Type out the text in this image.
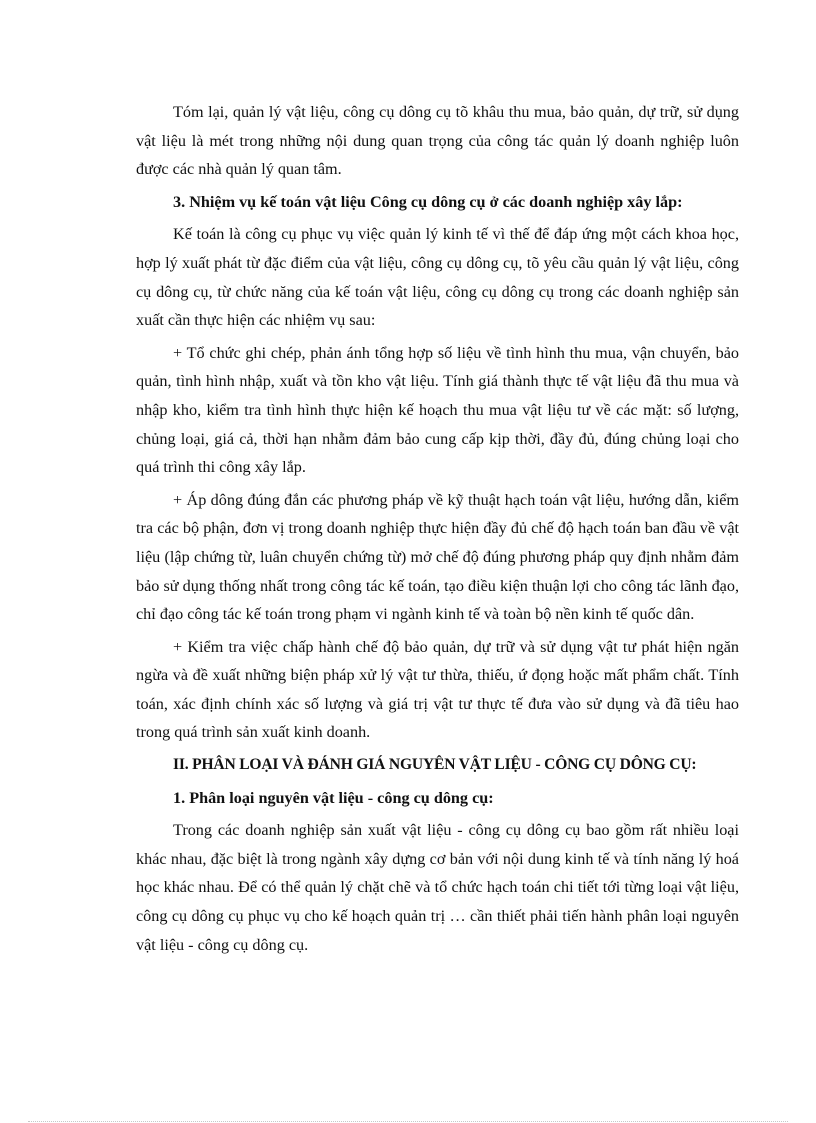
Tóm lại, quản lý vật liệu, công cụ dông cụ tõ khâu thu mua, bảo quản, dự trữ, sử dụng vật liệu là mét trong những nội dung quan trọng của công tác quản lý doanh nghiệp luôn được các nhà quản lý quan tâm.

3. Nhiệm vụ kế toán vật liệu Công cụ dông cụ ở các doanh nghiệp xây lắp:

Kế toán là công cụ phục vụ việc quản lý kinh tế vì thế để đáp ứng một cách khoa học, hợp lý xuất phát từ đặc điểm của vật liệu, công cụ dông cụ, tõ yêu cầu quản lý vật liệu, công cụ dông cụ, từ chức năng của kế toán vật liệu, công cụ dông cụ trong các doanh nghiệp sản xuất cần thực hiện các nhiệm vụ sau:

+ Tổ chức ghi chép, phản ánh tổng hợp số liệu về tình hình thu mua, vận chuyển, bảo quản, tình hình nhập, xuất và tồn kho vật liệu. Tính giá thành thực tế vật liệu đã thu mua và nhập kho, kiểm tra tình hình thực hiện kế hoạch thu mua vật liệu tư về các mặt: số lượng, chủng loại, giá cả, thời hạn nhằm đảm bảo cung cấp kịp thời, đầy đủ, đúng chủng loại cho quá trình thi công xây lắp.

+ Áp dông đúng đắn các phương pháp về kỹ thuật hạch toán vật liệu, hướng dẫn, kiểm tra các bộ phận, đơn vị trong doanh nghiệp thực hiện đầy đủ chế độ hạch toán ban đầu về vật liệu (lập chứng từ, luân chuyển chứng từ) mở chế độ đúng phương pháp quy định nhằm đảm bảo sử dụng thống nhất trong công tác kế toán, tạo điều kiện thuận lợi cho công tác lãnh đạo, chỉ đạo công tác kế toán trong phạm vi ngành kinh tế và toàn bộ nền kinh tế quốc dân.

+ Kiểm tra việc chấp hành chế độ bảo quản, dự trữ và sử dụng vật tư phát hiện ngăn ngừa và đề xuất những biện pháp xử lý vật tư thừa, thiếu, ứ đọng hoặc mất phẩm chất. Tính toán, xác định chính xác số lượng và giá trị vật tư thực tế đưa vào sử dụng và đã tiêu hao trong quá trình sản xuất kinh doanh.

II. PHÂN LOẠI VÀ ĐÁNH GIÁ NGUYÊN VẬT LIỆU - CÔNG CỤ DÔNG CỤ:

1. Phân loại nguyên vật liệu - công cụ dông cụ:

Trong các doanh nghiệp sản xuất vật liệu - công cụ dông cụ bao gồm rất nhiều loại khác nhau, đặc biệt là trong ngành xây dựng cơ bản với nội dung kinh tế và tính năng lý hoá học khác nhau. Để có thể quản lý chặt chẽ và tổ chức hạch toán chi tiết tới từng loại vật liệu, công cụ dông cụ phục vụ cho kế hoạch quản trị … cần thiết phải tiến hành phân loại nguyên vật liệu - công cụ dông cụ.
